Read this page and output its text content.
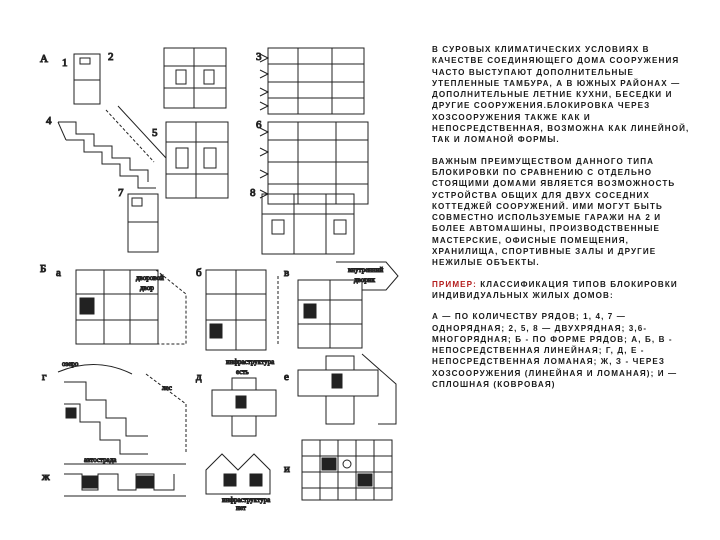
А 1	2	3
4
5
6
7	8
Б а	дворовой
двор
б	в	внутренний
дворик
г
озеро
лес
д
инфраструктура
есть	е
ж
автострада
инфраструктура
нет
и

В СУРОВЫХ КЛИМАТИЧЕСКИХ УСЛОВИЯХ В КАЧЕСТВЕ СОЕДИНЯЮЩЕГО ДОМА СООРУЖЕНИЯ ЧАСТО ВЫСТУПАЮТ ДОПОЛНИТЕЛЬНЫЕ УТЕПЛЕННЫЕ ТАМБУРА, А В ЮЖНЫХ РАЙОНАХ — ДОПОЛНИТЕЛЬНЫЕ ЛЕТНИЕ КУХНИ, БЕСЕДКИ И ДРУГИЕ СООРУЖЕНИЯ.БЛОКИРОВКА ЧЕРЕЗ ХОЗСООРУЖЕНИЯ ТАКЖЕ КАК И НЕПОСРЕДСТВЕННАЯ, ВОЗМОЖНА КАК ЛИНЕЙНОЙ, ТАК И ЛОМАНОЙ ФОРМЫ.

ВАЖНЫМ ПРЕИМУЩЕСТВОМ ДАННОГО ТИПА БЛОКИРОВКИ ПО СРАВНЕНИЮ С ОТДЕЛЬНО СТОЯЩИМИ ДОМАМИ ЯВЛЯЕТСЯ ВОЗМОЖНОСТЬ УСТРОЙСТВА ОБЩИХ ДЛЯ ДВУХ СОСЕДНИХ КОТТЕДЖЕЙ СООРУЖЕНИЙ. ИМИ МОГУТ БЫТЬ СОВМЕСТНО ИСПОЛЬЗУЕМЫЕ ГАРАЖИ НА 2 И БОЛЕЕ АВТОМАШИНЫ, ПРОИЗВОДСТВЕННЫЕ МАСТЕРСКИЕ, ОФИСНЫЕ ПОМЕЩЕНИЯ, ХРАНИЛИЩА, СПОРТИВНЫЕ ЗАЛЫ И ДРУГИЕ НЕЖИЛЫЕ ОБЪЕКТЫ.

ПРИМЕР: КЛАССИФИКАЦИЯ ТИПОВ БЛОКИРОВКИ ИНДИВИДУАЛЬНЫХ ЖИЛЫХ ДОМОВ:

А — ПО КОЛИЧЕСТВУ РЯДОВ; 1, 4, 7 — ОДНОРЯДНАЯ; 2, 5, 8 — ДВУХРЯДНАЯ; 3,6- МНОГОРЯДНАЯ; Б - ПО ФОРМЕ РЯДОВ; А, Б, В - НЕПОСРЕДСТВЕННАЯ ЛИНЕЙНАЯ; Г, Д, Е - НЕПОСРЕДСТВЕННАЯ ЛОМАНАЯ; Ж, З - ЧЕРЕЗ ХОЗСООРУЖЕНИЯ (ЛИНЕЙНАЯ И ЛОМАНАЯ); И — СПЛОШНАЯ (КОВРОВАЯ)
